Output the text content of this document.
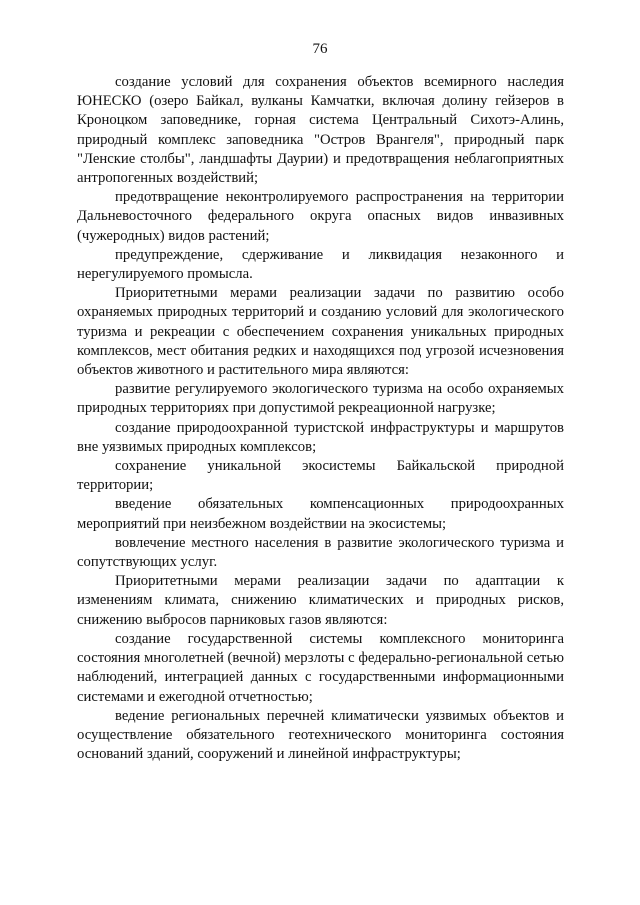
76

создание условий для сохранения объектов всемирного наследия ЮНЕСКО (озеро Байкал, вулканы Камчатки, включая долину гейзеров в Кроноцком заповеднике, горная система Центральный Сихотэ-Алинь, природный комплекс заповедника "Остров Врангеля", природный парк "Ленские столбы", ландшафты Даурии) и предотвращения неблагоприятных антропогенных воздействий;

предотвращение неконтролируемого распространения на территории Дальневосточного федерального округа опасных видов инвазивных (чужеродных) видов растений;

предупреждение, сдерживание и ликвидация незаконного и нерегулируемого промысла.

Приоритетными мерами реализации задачи по развитию особо охраняемых природных территорий и созданию условий для экологического туризма и рекреации с обеспечением сохранения уникальных природных комплексов, мест обитания редких и находящихся под угрозой исчезновения объектов животного и растительного мира являются:

развитие регулируемого экологического туризма на особо охраняемых природных территориях при допустимой рекреационной нагрузке;

создание природоохранной туристской инфраструктуры и маршрутов вне уязвимых природных комплексов;

сохранение уникальной экосистемы Байкальской природной территории;

введение обязательных компенсационных природоохранных мероприятий при неизбежном воздействии на экосистемы;

вовлечение местного населения в развитие экологического туризма и сопутствующих услуг.

Приоритетными мерами реализации задачи по адаптации к изменениям климата, снижению климатических и природных рисков, снижению выбросов парниковых газов являются:

создание государственной системы комплексного мониторинга состояния многолетней (вечной) мерзлоты с федерально-региональной сетью наблюдений, интеграцией данных с государственными информационными системами и ежегодной отчетностью;

ведение региональных перечней климатически уязвимых объектов и осуществление обязательного геотехнического мониторинга состояния оснований зданий, сооружений и линейной инфраструктуры;
